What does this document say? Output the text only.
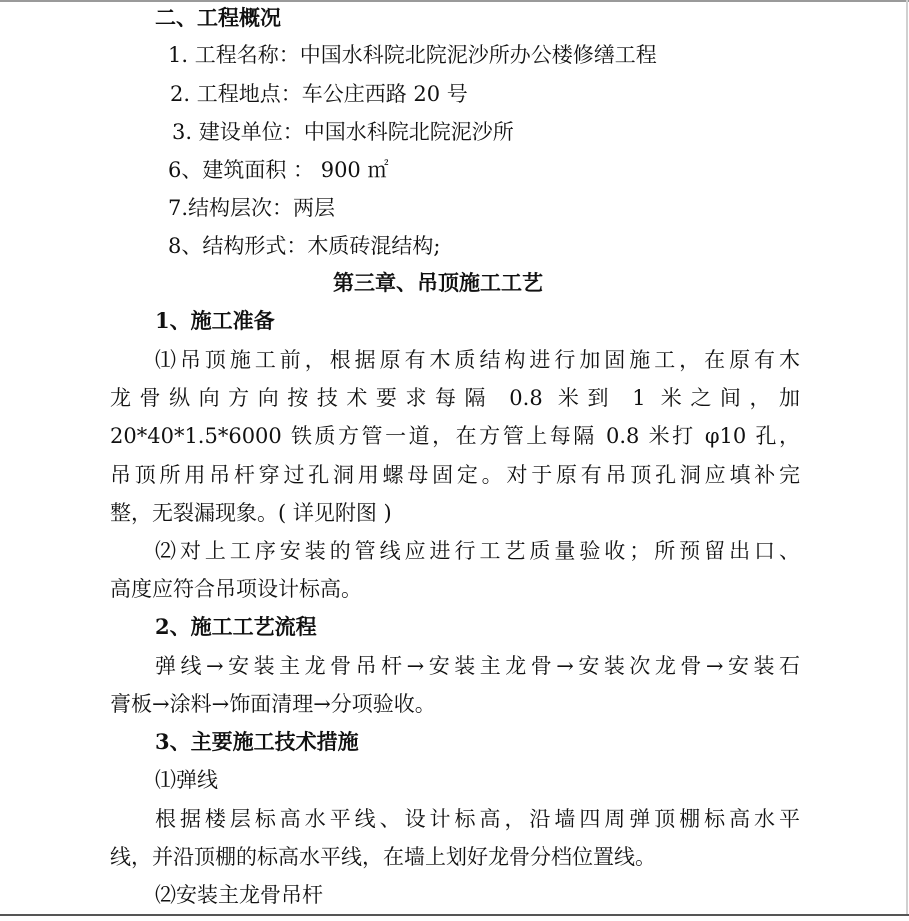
二、工程概况
1. 工程名称：中国水科院北院泥沙所办公楼修缮工程
2. 工程地点：车公庄西路 20 号
3. 建设单位：中国水科院北院泥沙所
6、建筑面积 ： 900 ㎡
7.结构层次：两层
8、结构形式：木质砖混结构;
第三章、吊顶施工工艺
1、施工准备
⑴吊顶施工前，根据原有木质结构进行加固施工，在原有木
龙骨纵向方向按技术要求每隔 0.8 米到 1 米之间，加
20*40*1.5*6000 铁质方管一道，在方管上每隔 0.8 米打 φ10 孔，
吊顶所用吊杆穿过孔洞用螺母固定。对于原有吊顶孔洞应填补完
整，无裂漏现象。( 详见附图 )
⑵对上工序安装的管线应进行工艺质量验收；所预留出口、
高度应符合吊项设计标高。
2、施工工艺流程
弹线→安装主龙骨吊杆→安装主龙骨→安装次龙骨→安装石
膏板→涂料→饰面清理→分项验收。
3、主要施工技术措施
⑴弹线
根据楼层标高水平线、设计标高，沿墙四周弹顶棚标高水平
线，并沿顶棚的标高水平线，在墙上划好龙骨分档位置线。
⑵安装主龙骨吊杆
